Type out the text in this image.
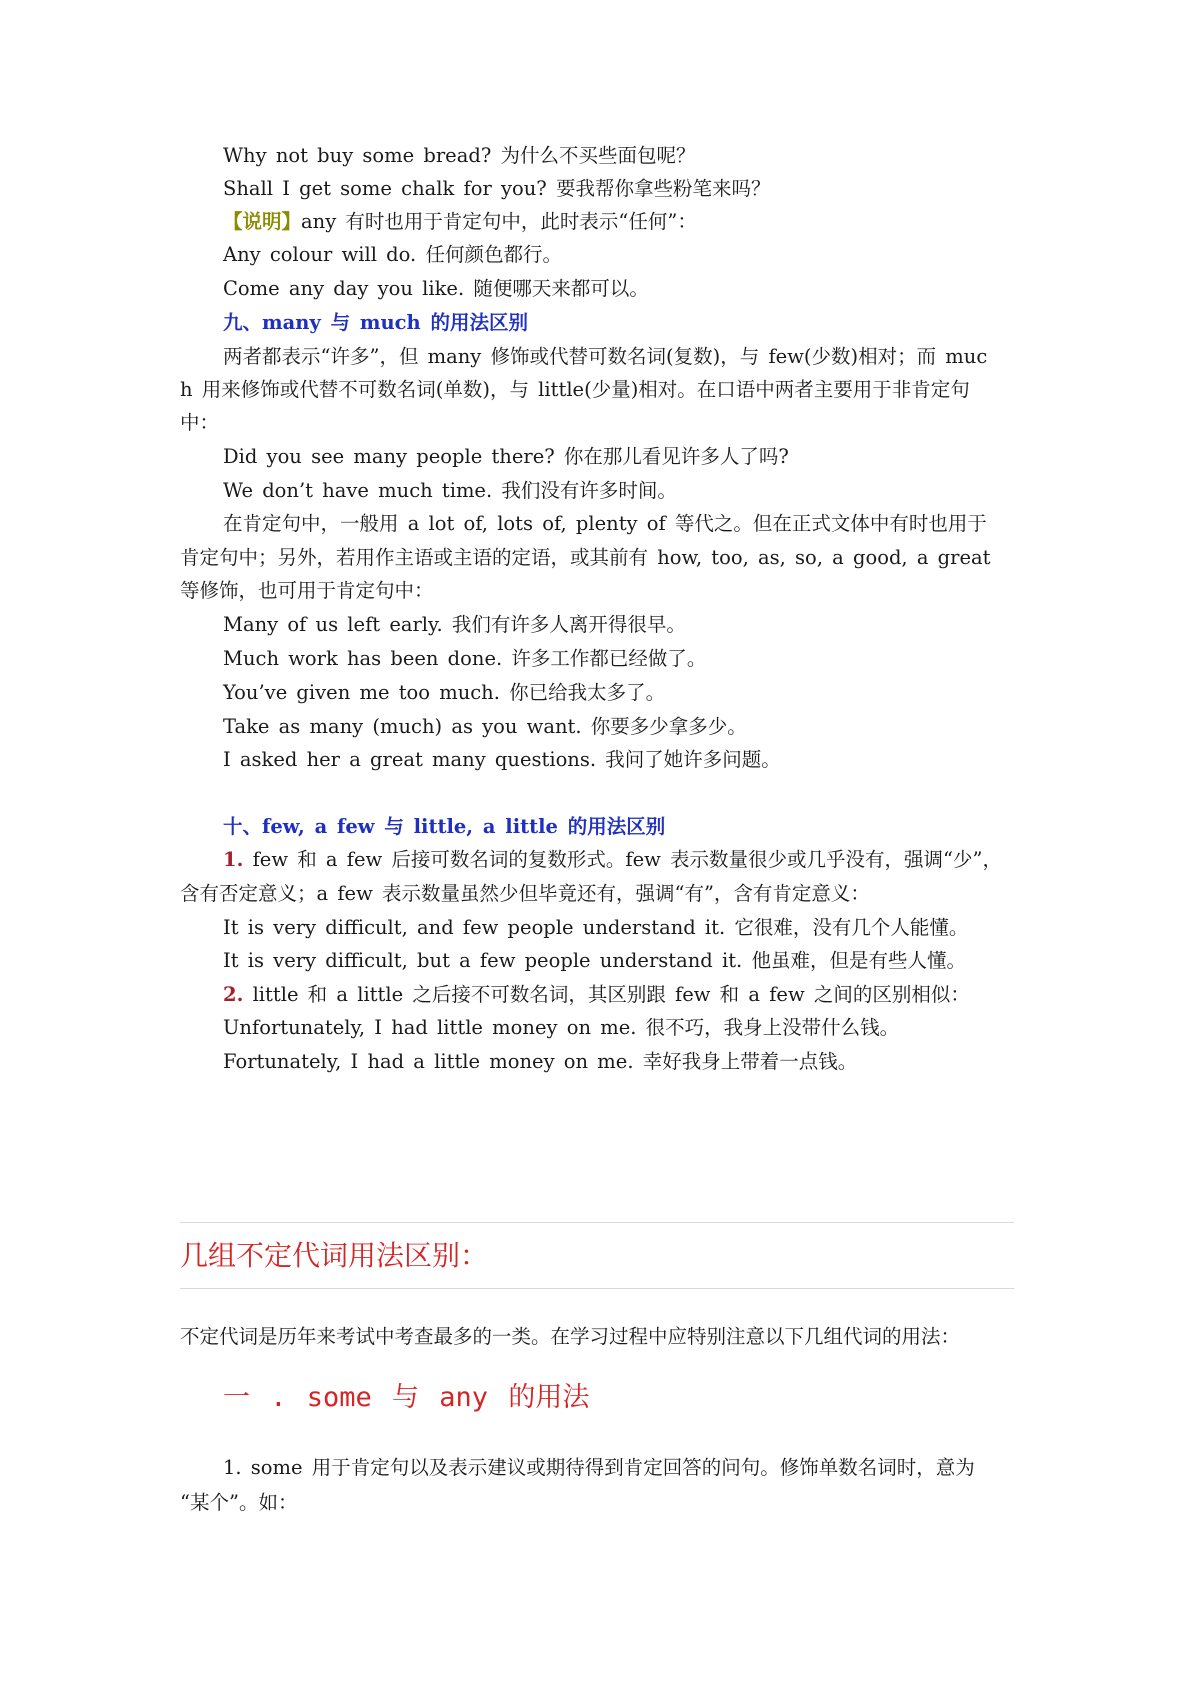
Why not buy some bread? 为什么不买些面包呢？

Shall I get some chalk for you? 要我帮你拿些粉笔来吗？

【说明】any 有时也用于肯定句中，此时表示“任何”：

Any colour will do. 任何颜色都行。

Come any day you like. 随便哪天来都可以。

九、many 与 much 的用法区别

两者都表示“许多”，但 many 修饰或代替可数名词(复数)，与 few(少数)相对；而 muc

h 用来修饰或代替不可数名词(单数)，与 little(少量)相对。在口语中两者主要用于非肯定句

中：

Did you see many people there? 你在那儿看见许多人了吗?

We don’t have much time. 我们没有许多时间。

在肯定句中，一般用 a lot of, lots of, plenty of 等代之。但在正式文体中有时也用于

肯定句中；另外，若用作主语或主语的定语，或其前有 how, too, as, so, a good, a great

等修饰，也可用于肯定句中：

Many of us left early. 我们有许多人离开得很早。

Much work has been done. 许多工作都已经做了。

You’ve given me too much. 你已给我太多了。

Take as many (much) as you want. 你要多少拿多少。

I asked her a great many questions. 我问了她许多问题。

十、few, a few 与 little, a little 的用法区别

1. few 和 a few 后接可数名词的复数形式。few 表示数量很少或几乎没有，强调“少”，

含有否定意义；a few 表示数量虽然少但毕竟还有，强调“有”，含有肯定意义：

It is very difficult, and few people understand it. 它很难，没有几个人能懂。

It is very difficult, but a few people understand it. 他虽难，但是有些人懂。

2. little 和 a little 之后接不可数名词，其区别跟 few 和 a few 之间的区别相似：

Unfortunately, I had little money on me. 很不巧，我身上没带什么钱。

Fortunately, I had a little money on me. 幸好我身上带着一点钱。

几组不定代词用法区别：

不定代词是历年来考试中考查最多的一类。在学习过程中应特别注意以下几组代词的用法：

一 . some 与 any 的用法

1. some 用于肯定句以及表示建议或期待得到肯定回答的问句。修饰单数名词时，意为

“某个”。如：
